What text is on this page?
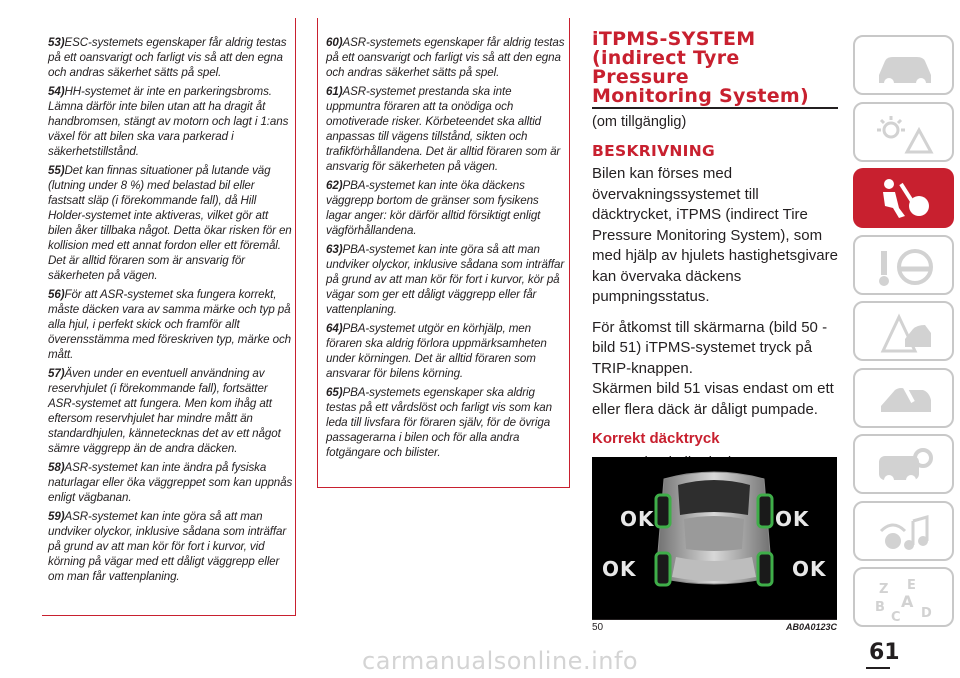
53)ESC-systemets egenskaper får aldrig testas på ett oansvarigt och farligt vis så att den egna och andras säkerhet sätts på spel.
54)HH-systemet är inte en parkeringsbroms. Lämna därför inte bilen utan att ha dragit åt handbromsen, stängt av motorn och lagt i 1:ans växel för att bilen ska vara parkerad i säkerhetstillstånd.
55)Det kan finnas situationer på lutande väg (lutning under 8 %) med belastad bil eller fastsatt släp (i förekommande fall), då Hill Holder-systemet inte aktiveras, vilket gör att bilen åker tillbaka något. Detta ökar risken för en kollision med ett annat fordon eller ett föremål. Det är alltid föraren som är ansvarig för säkerheten på vägen.
56)För att ASR-systemet ska fungera korrekt, måste däcken vara av samma märke och typ på alla hjul, i perfekt skick och framför allt överensstämma med föreskriven typ, märke och mått.
57)Även under en eventuell användning av reservhjulet (i förekommande fall), fortsätter ASR-systemet att fungera. Men kom ihåg att eftersom reservhjulet har mindre mått än standardhjulen, kännetecknas det av ett något sämre väggrepp än de andra däcken.
58)ASR-systemet kan inte ändra på fysiska naturlagar eller öka väggreppet som kan uppnås enligt vägbanan.
59)ASR-systemet kan inte göra så att man undviker olyckor, inklusive sådana som inträffar på grund av att man kör för fort i kurvor, vid körning på vägar med ett dåligt väggrepp eller om man får vattenplaning.
60)ASR-systemets egenskaper får aldrig testas på ett oansvarigt och farligt vis så att den egna och andras säkerhet sätts på spel.
61)ASR-systemet prestanda ska inte uppmuntra föraren att ta onödiga och omotiverade risker. Körbeteendet ska alltid anpassas till vägens tillstånd, sikten och trafikförhållandena. Det är alltid föraren som är ansvarig för säkerheten på vägen.
62)PBA-systemet kan inte öka däckens väggrepp bortom de gränser som fysikens lagar anger: kör därför alltid försiktigt enligt vägförhållandena.
63)PBA-systemet kan inte göra så att man undviker olyckor, inklusive sådana som inträffar på grund av att man kör för fort i kurvor, kör på vägar som ger ett dåligt väggrepp eller får vattenplaning.
64)PBA-systemet utgör en körhjälp, men föraren ska aldrig förlora uppmärksamheten under körningen. Det är alltid föraren som ansvarar för bilens körning.
65)PBA-systemets egenskaper ska aldrig testas på ett vårdslöst och farligt vis som kan leda till livsfara för föraren själv, för de övriga passagerarna i bilen och för alla andra fotgängare och bilister.
iTPMS-SYSTEM
(indirect Tyre
Pressure
Monitoring System)

(om tillgänglig)

BESKRIVNING

Bilen kan förses med övervakningssystemet till däcktrycket, iTPMS (indirect Tire Pressure Monitoring System), som med hjälp av hjulets hastighetsgivare kan övervaka däckens pumpningsstatus.

För åtkomst till skärmarna (bild 50 - bild 51) iTPMS-systemet tryck på TRIP-knappen.

Skärmen bild 51 visas endast om ett eller flera däck är dåligt pumpade.

Korrekt däcktryck

OK	OK
OK	OK
50	AB0A0123C
Z E
B A
C D
61
carmanualsonline.info
